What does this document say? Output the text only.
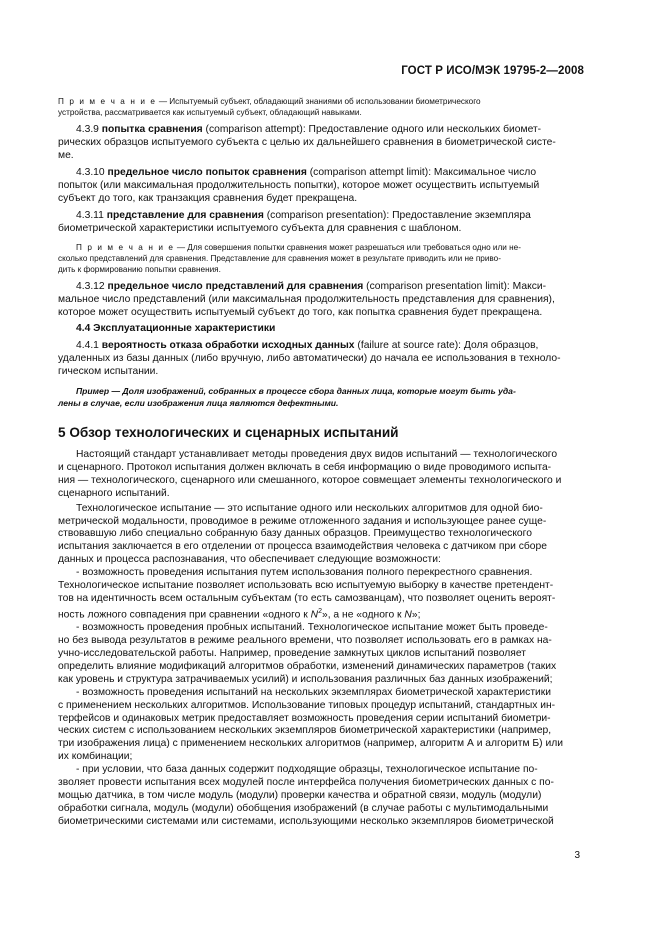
ГОСТ Р ИСО/МЭК 19795-2—2008
П р и м е ч а н и е — Испытуемый субъект, обладающий знаниями об использовании биометрического
устройства, рассматривается как испытуемый субъект, обладающий навыками.
4.3.9 попытка сравнения (comparison attempt): Предоставление одного или нескольких биомет-
рических образцов испытуемого субъекта с целью их дальнейшего сравнения в биометрической систе-
ме.
4.3.10 предельное число попыток сравнения (comparison attempt limit): Максимальное число
попыток (или максимальная продолжительность попытки), которое может осуществить испытуемый
субъект до того, как транзакция сравнения будет прекращена.
4.3.11 представление для сравнения (comparison presentation): Предоставление экземпляра
биометрической характеристики испытуемого субъекта для сравнения с шаблоном.
П р и м е ч а н и е — Для совершения попытки сравнения может разрешаться или требоваться одно или не-
сколько представлений для сравнения. Представление для сравнения может в результате приводить или не приво-
дить к формированию попытки сравнения.
4.3.12 предельное число представлений для сравнения (comparison presentation limit): Макси-
мальное число представлений (или максимальная продолжительность представления для сравнения),
которое может осуществить испытуемый субъект до того, как попытка сравнения будет прекращена.
4.4 Эксплуатационные характеристики
4.4.1 вероятность отказа обработки исходных данных (failure at source rate): Доля образцов,
удаленных из базы данных (либо вручную, либо автоматически) до начала ее использования в техноло-
гическом испытании.
Пример — Доля изображений, собранных в процессе сбора данных лица, которые могут быть уда-
лены в случае, если изображения лица являются дефектными.
5 Обзор технологических и сценарных испытаний
Настоящий стандарт устанавливает методы проведения двух видов испытаний — технологического
и сценарного. Протокол испытания должен включать в себя информацию о виде проводимого испыта-
ния — технологического, сценарного или смешанного, которое совмещает элементы технологического и
сценарного испытаний.
Технологическое испытание — это испытание одного или нескольких алгоритмов для одной био-
метрической модальности, проводимое в режиме отложенного задания и использующее ранее суще-
ствовавшую либо специально собранную базу данных образцов. Преимущество технологического
испытания заключается в его отделении от процесса взаимодействия человека с датчиком при сборе
данных и процесса распознавания, что обеспечивает следующие возможности:
- возможность проведения испытания путем использования полного перекрестного сравнения.
Технологическое испытание позволяет использовать всю испытуемую выборку в качестве претендент-
тов на идентичность всем остальным субъектам (то есть самозванцам), что позволяет оценить вероят-
ность ложного совпадения при сравнении «одного к $N^2$», а не «одного к N»;
- возможность проведения пробных испытаний. Технологическое испытание может быть проведе-
но без вывода результатов в режиме реального времени, что позволяет использовать его в рамках на-
учно-исследовательской работы. Например, проведение замкнутых циклов испытаний позволяет
определить влияние модификаций алгоритмов обработки, изменений динамических параметров (таких
как уровень и структура затрачиваемых усилий) и использования различных баз данных изображений;
- возможность проведения испытаний на нескольких экземплярах биометрической характеристики
с применением нескольких алгоритмов. Использование типовых процедур испытаний, стандартных ин-
терфейсов и одинаковых метрик предоставляет возможность проведения серии испытаний биометри-
ческих систем с использованием нескольких экземпляров биометрической характеристики (например,
три изображения лица) с применением нескольких алгоритмов (например, алгоритм А и алгоритм Б) или
их комбинации;
- при условии, что база данных содержит подходящие образцы, технологическое испытание по-
зволяет провести испытания всех модулей после интерфейса получения биометрических данных с по-
мощью датчика, в том числе модуль (модули) проверки качества и обратной связи, модуль (модули)
обработки сигнала, модуль (модули) обобщения изображений (в случае работы с мультимодальными
биометрическими системами или системами, использующими несколько экземпляров биометрической
3
